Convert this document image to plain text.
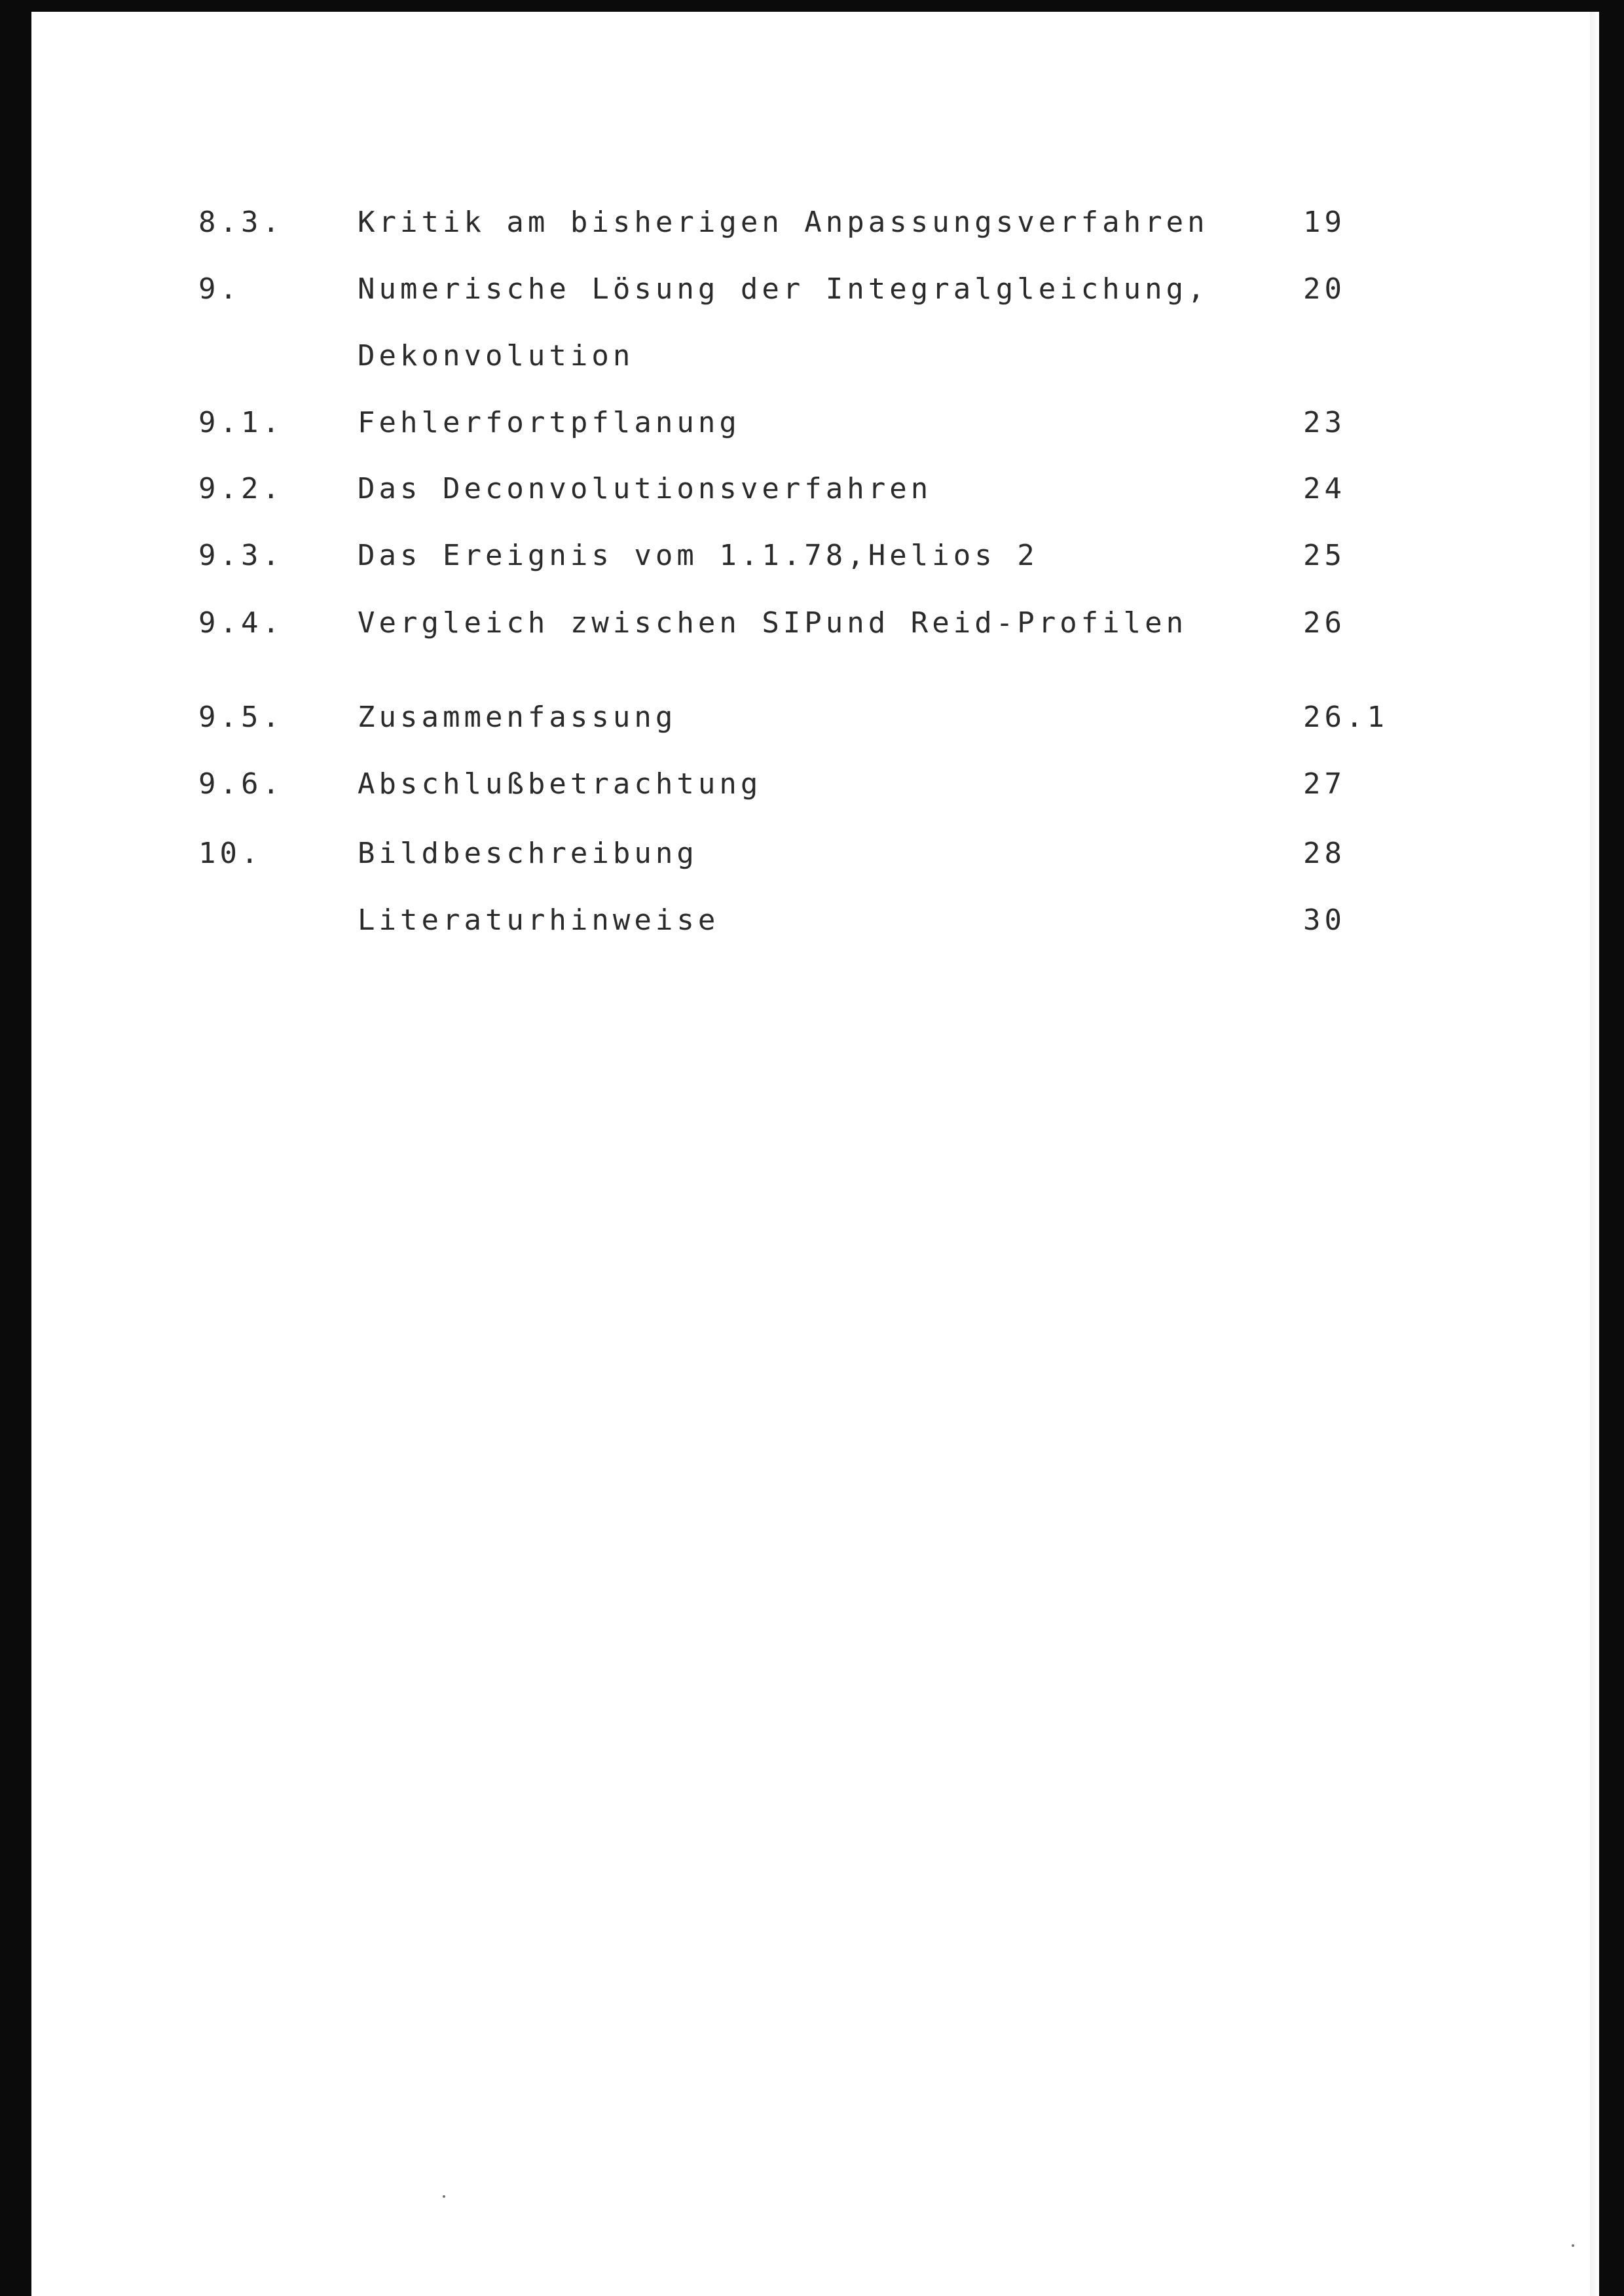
8.3.	Kritik am bisherigen Anpassungsverfahren	19
9.	Numerische Lösung der Integralgleichung,	20
Dekonvolution
9.1.	Fehlerfortpflanung	23
9.2.	Das Deconvolutionsverfahren	24
9.3.	Das Ereignis vom 1.1.78,Helios 2	25
9.4.	Vergleich zwischen SIPund Reid-Profilen	26
9.5.	Zusammenfassung	26.1
9.6.	Abschlußbetrachtung	27
10.	Bildbeschreibung	28
Literaturhinweise	30
